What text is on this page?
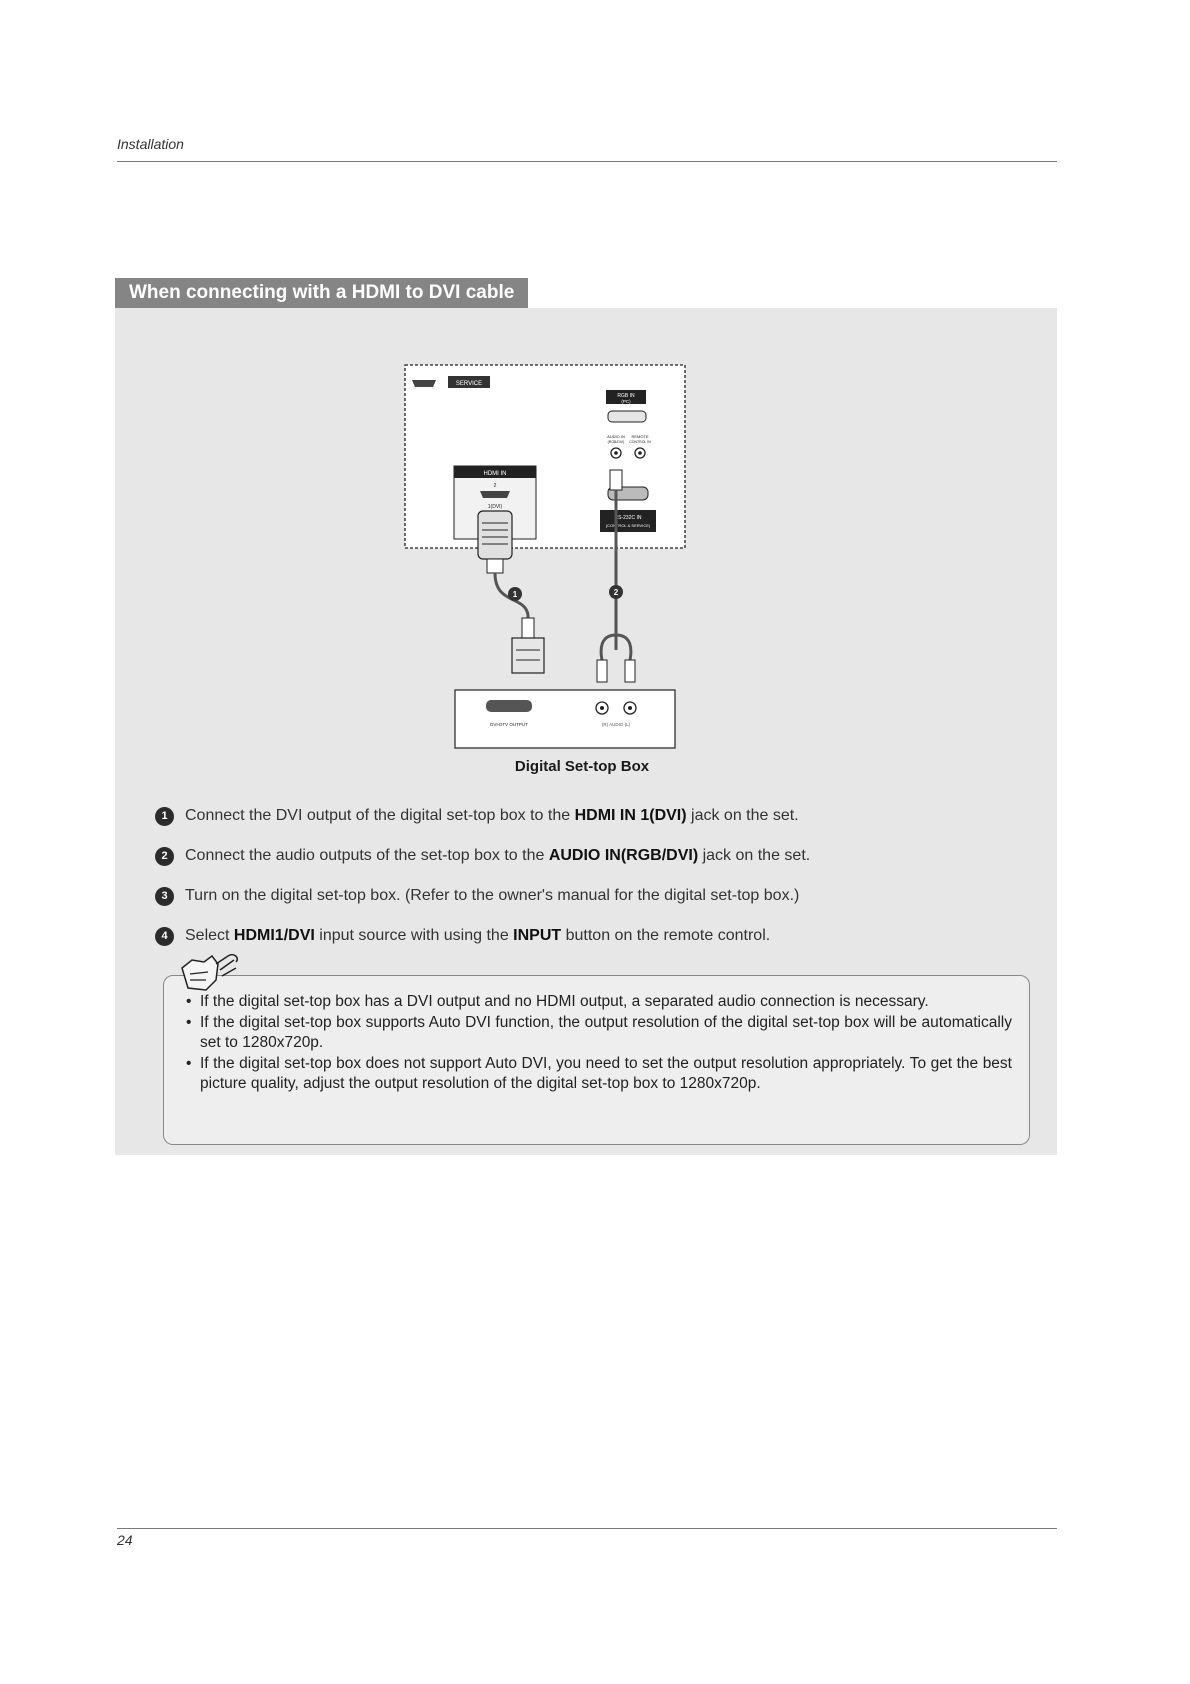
Installation
When connecting with a HDMI to DVI cable
SERVICE
HDMI IN
2
1(DVI)
1
RGB IN
(PC)
AUDIO IN
(RGB/DVI)
REMOTE
CONTROL IN
RS-232C IN
(CONTROL & SERVICE)
2
DVI-DTV OUTPUT	(R) AUDIO (L)
Digital Set-top Box
1	Connect the DVI output of the digital set-top box to the HDMI IN 1(DVI) jack on the set.
2	Connect the audio outputs of the set-top box to the AUDIO IN(RGB/DVI) jack on the set.
3	Turn on the digital set-top box. (Refer to the owner's manual for the digital set-top box.)
4	Select HDMI1/DVI input source with using the INPUT button on the remote control.
• If the digital set-top box has a DVI output and no HDMI output, a separated audio connection is necessary.
• If the digital set-top box supports Auto DVI function, the output resolution of the digital set-top box will be automatically set to 1280x720p.
• If the digital set-top box does not support Auto DVI, you need to set the output resolution appropriately. To get the best picture quality, adjust the output resolution of the digital set-top box to 1280x720p.
24
